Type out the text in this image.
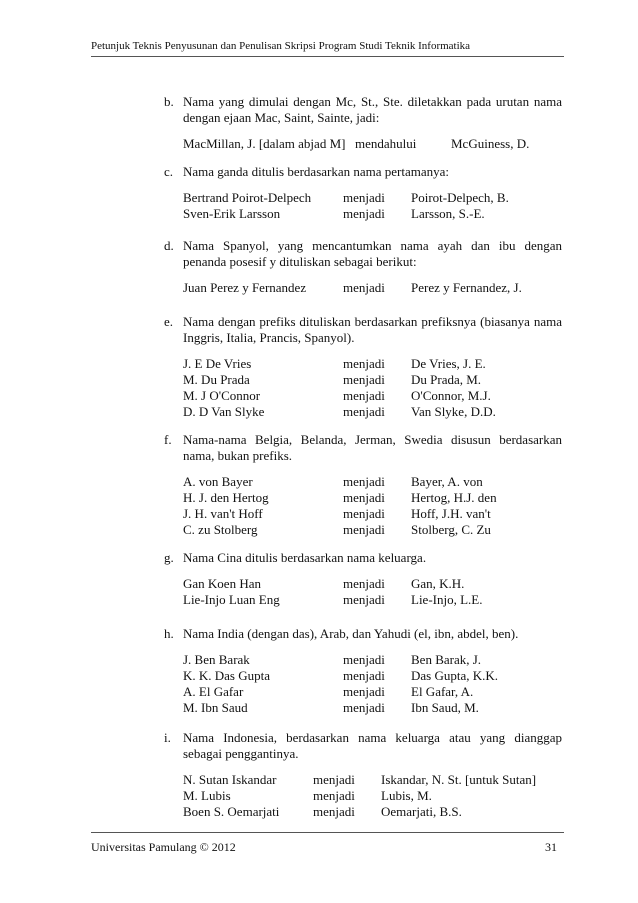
Petunjuk Teknis Penyusunan dan Penulisan Skripsi Program Studi Teknik Informatika
b. Nama yang dimulai dengan Mc, St., Ste. diletakkan pada urutan nama dengan ejaan Mac, Saint, Sainte, jadi:
MacMillan, J. [dalam abjad M] mendahului	McGuiness, D.
c. Nama ganda ditulis berdasarkan nama pertamanya:
Bertrand Poirot-Delpech menjadi Poirot-Delpech, B.
Sven-Erik Larsson	menjadi Larsson, S.-E.
d. Nama Spanyol, yang mencantumkan nama ayah dan ibu dengan penanda posesif y dituliskan sebagai berikut:
Juan Perez y Fernandez	menjadi Perez y Fernandez, J.
e. Nama dengan prefiks dituliskan berdasarkan prefiksnya (biasanya nama Inggris, Italia, Prancis, Spanyol).
J. E De Vries	menjadi De Vries, J. E.
M. Du Prada	menjadi Du Prada, M.
M. J O'Connor	menjadi O'Connor, M.J.
D. D Van Slyke	menjadi Van Slyke, D.D.
f. Nama-nama Belgia, Belanda, Jerman, Swedia disusun berdasarkan nama, bukan prefiks.
A. von Bayer	menjadi Bayer, A. von
H. J. den Hertog	menjadi Hertog, H.J. den
J. H. van't Hoff	menjadi Hoff, J.H. van't
C. zu Stolberg	menjadi Stolberg, C. Zu
g. Nama Cina ditulis berdasarkan nama keluarga.
Gan Koen Han	menjadi Gan, K.H.
Lie-Injo Luan Eng	menjadi Lie-Injo, L.E.
h. Nama India (dengan das), Arab, dan Yahudi (el, ibn, abdel, ben).
J. Ben Barak	menjadi Ben Barak, J.
K. K. Das Gupta	menjadi Das Gupta, K.K.
A. El Gafar	menjadi El Gafar, A.
M. Ibn Saud	menjadi Ibn Saud, M.
i. Nama Indonesia, berdasarkan nama keluarga atau yang dianggap sebagai penggantinya.
N. Sutan Iskandar	menjadi Iskandar, N. St. [untuk Sutan]
M. Lubis	menjadi Lubis, M.
Boen S. Oemarjati	menjadi Oemarjati, B.S.
Universitas Pamulang © 2012	31
